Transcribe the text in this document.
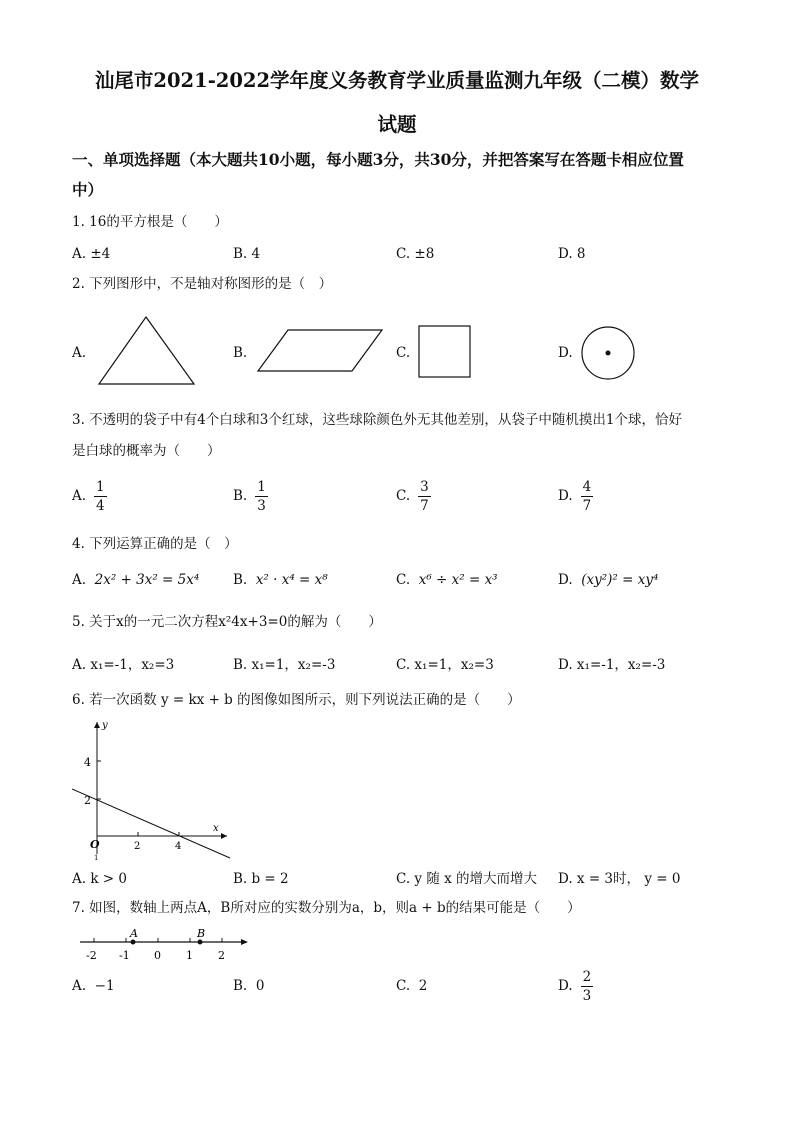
汕尾市2021-2022学年度义务教育学业质量监测九年级（二模）数学
试题
一、单项选择题（本大题共10小题，每小题3分，共30分，并把答案写在答题卡相应位置
中）
1. 16的平方根是（　　）
A. ±4	B. 4	C. ±8	D. 8
2. 下列图形中，不是轴对称图形的是（　）
A.	B.	C.	D.
3. 不透明的袋子中有4个白球和3个红球，这些球除颜色外无其他差别，从袋子中随机摸出1个球，恰好
是白球的概率为（　　）
A. $\frac{1}{4}$	B. $\frac{1}{3}$	C. $\frac{3}{7}$	D. $\frac{4}{7}$
4. 下列运算正确的是（　）
A. 2x² + 3x² = 5x⁴ B. x² · x⁴ = x⁸	C. x⁶ ÷ x² = x³	D. (xy²)² = xy⁴
5. 关于x的一元二次方程x²4x+3=0的解为（　　）
A. x₁=-1，x₂=3	B. x₁=1，x₂=-3	C. x₁=1，x₂=3	D. x₁=-1，x₂=-3
6. 若一次函数 y = kx + b 的图像如图所示，则下列说法正确的是（　　）
y
x
4
2
2	4
O
1
A. k > 0	B. b = 2	C. y 随 x 的增大而增大 D. x = 3时， y = 0
7. 如图，数轴上两点A，B所对应的实数分别为a，b，则a + b的结果可能是（　　）
A	B
-2 -1 0 1 2
A. −1	B. 0	C. 2	D. $\frac{2}{3}$
